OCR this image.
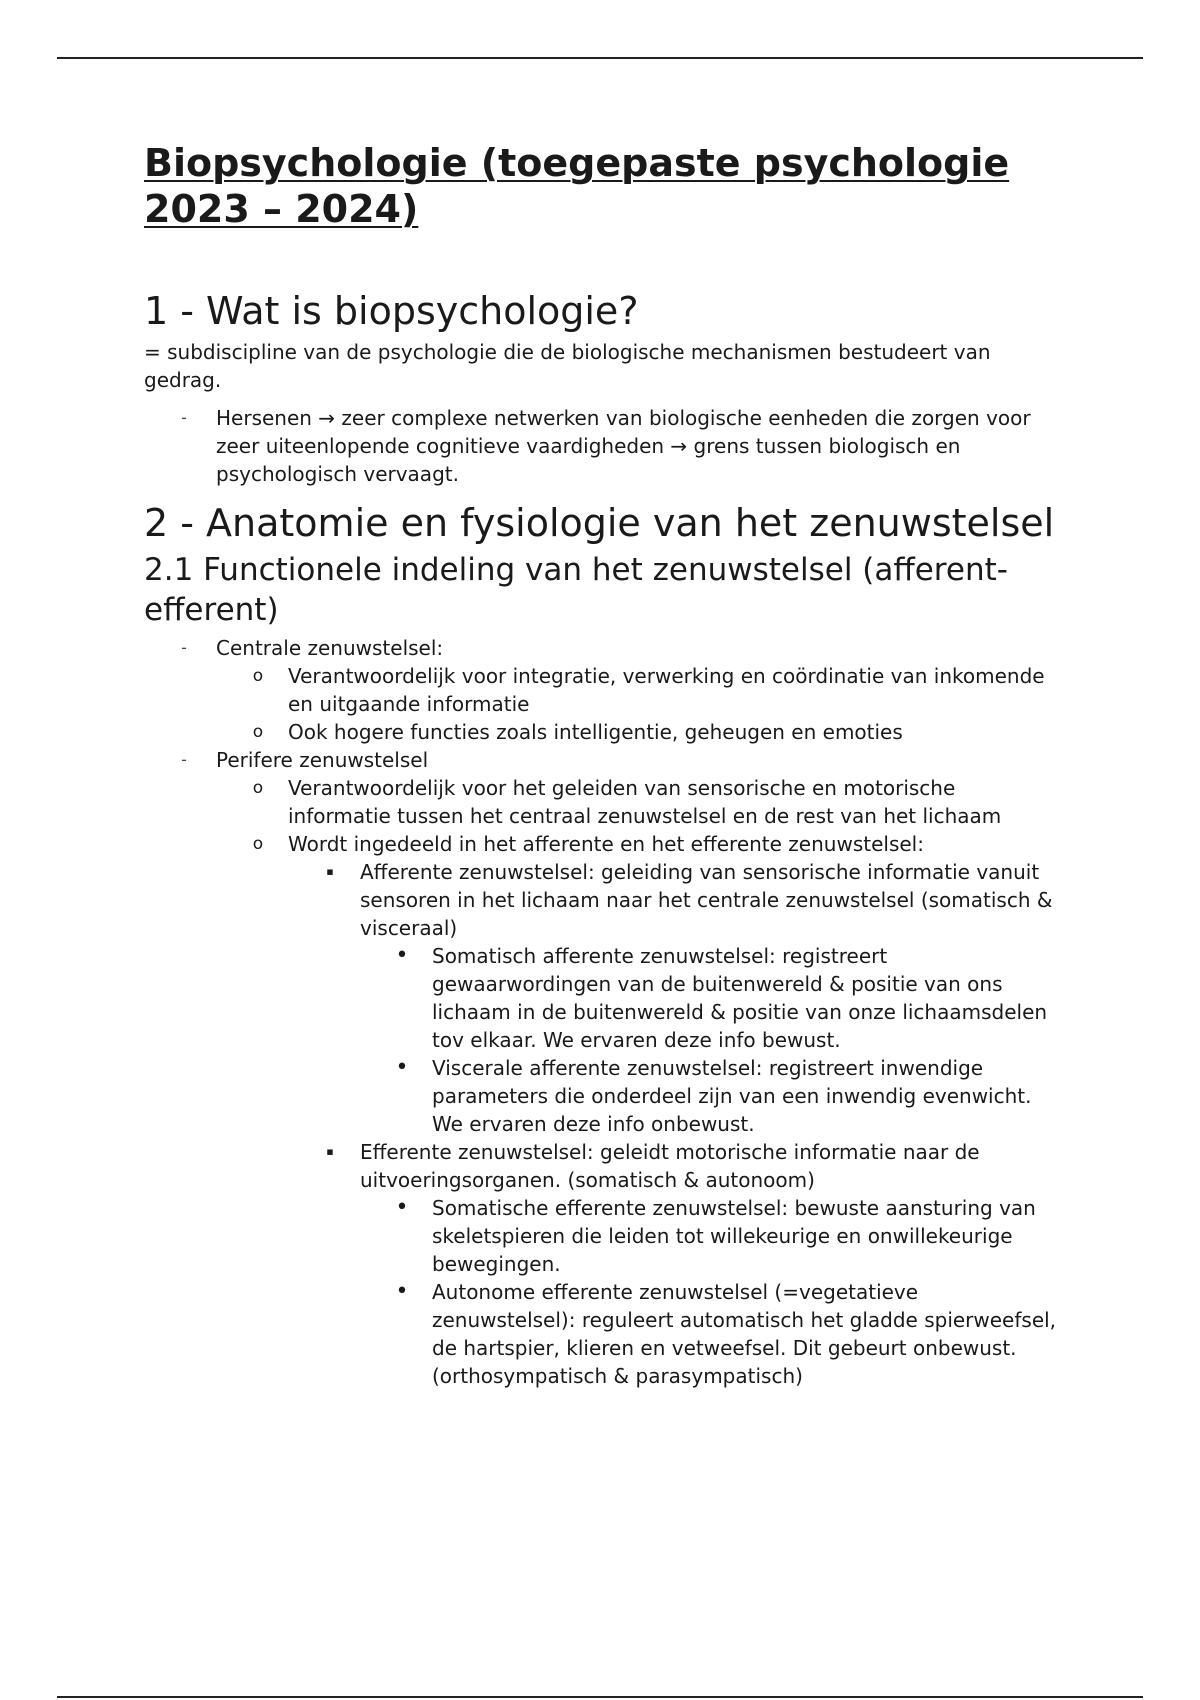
Biopsychologie (toegepaste psychologie 2023 – 2024)
1 - Wat is biopsychologie?

= subdiscipline van de psychologie die de biologische mechanismen bestudeert van gedrag.

-	Hersenen → zeer complexe netwerken van biologische eenheden die zorgen voor zeer uiteenlopende cognitieve vaardigheden → grens tussen biologisch en psychologisch vervaagt.
2 - Anatomie en fysiologie van het zenuwstelsel
2.1 Functionele indeling van het zenuwstelsel (afferent-efferent)
-	Centrale zenuwstelsel:
o Verantwoordelijk voor integratie, verwerking en coördinatie van inkomende en uitgaande informatie
o Ook hogere functies zoals intelligentie, geheugen en emoties
-	Perifere zenuwstelsel
o Verantwoordelijk voor het geleiden van sensorische en motorische informatie tussen het centraal zenuwstelsel en de rest van het lichaam
o Wordt ingedeeld in het afferente en het efferente zenuwstelsel:
▪	Afferente zenuwstelsel: geleiding van sensorische informatie vanuit sensoren in het lichaam naar het centrale zenuwstelsel (somatisch & visceraal)
• Somatisch afferente zenuwstelsel: registreert gewaarwordingen van de buitenwereld & positie van ons lichaam in de buitenwereld & positie van onze lichaamsdelen tov elkaar. We ervaren deze info bewust.
• Viscerale afferente zenuwstelsel: registreert inwendige parameters die onderdeel zijn van een inwendig evenwicht. We ervaren deze info onbewust.
▪	Efferente zenuwstelsel: geleidt motorische informatie naar de uitvoeringsorganen. (somatisch & autonoom)
• Somatische efferente zenuwstelsel: bewuste aansturing van skeletspieren die leiden tot willekeurige en onwillekeurige bewegingen.
• Autonome efferente zenuwstelsel (=vegetatieve zenuwstelsel): reguleert automatisch het gladde spierweefsel, de hartspier, klieren en vetweefsel. Dit gebeurt onbewust. (orthosympatisch & parasympatisch)
